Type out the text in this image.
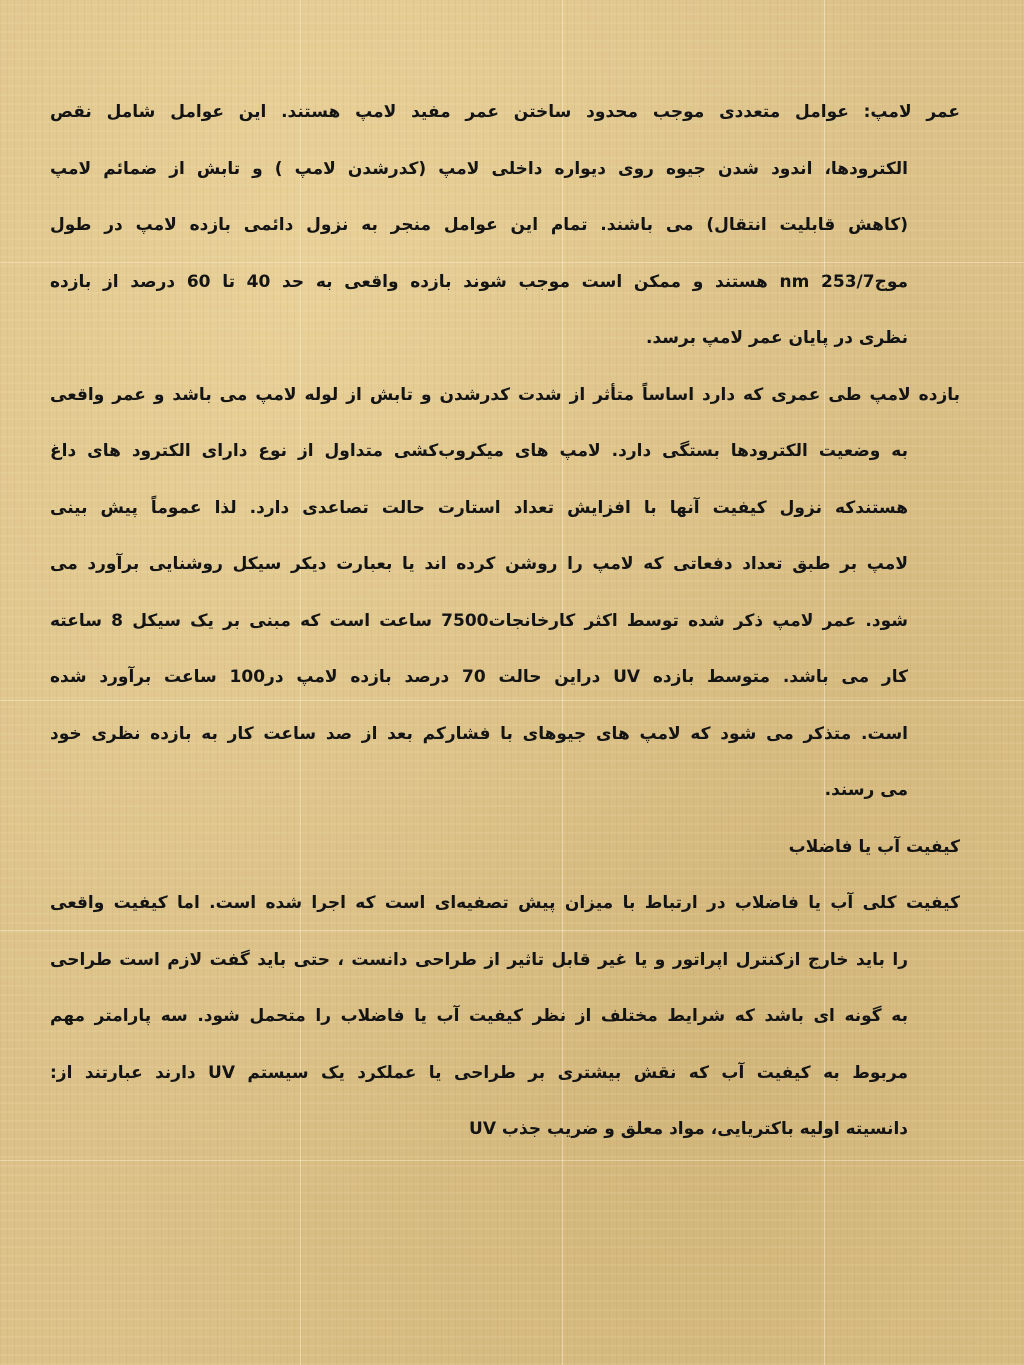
عمر لامپ: عوامل متعددی موجب محدود ساختن عمر مفید لامپ هستند. این عوامل شامل نقص
الکترودها، اندود شدن جیوه روی دیواره داخلی لامپ (کدرشدن لامپ ) و تابش از ضمائم لامپ
(کاهش قابلیت انتقال) می باشند. تمام این عوامل منجر به نزول دائمی بازده لامپ در طول
موج253/7 nm هستند و ممکن است موجب شوند بازده واقعی به حد 40 تا 60 درصد از بازده
نظری در پایان عمر لامپ برسد.

بازده لامپ طی عمری که دارد اساساً متأثر از شدت کدرشدن و تابش از لوله لامپ می باشد و عمر واقعی
به وضعیت الکترودها بستگی دارد. لامپ های میکروب‌کشی متداول از نوع دارای الکترود های داغ
هستندکه نزول کیفیت آنها با افزایش تعداد استارت حالت تصاعدی دارد. لذا عموماً پیش بینی
لامپ بر طبق تعداد دفعاتی که لامپ را روشن کرده اند یا بعبارت دیکر سیکل روشنایی برآورد می
شود. عمر لامپ ذکر شده توسط اکثر کارخانجات7500 ساعت است که مبنی بر یک سیکل 8 ساعته
کار می باشد. متوسط بازده UV دراین حالت 70 درصد بازده لامپ در100 ساعت برآورد شده
است. متذکر می شود که لامپ های جیوهای با فشارکم بعد از صد ساعت کار به بازده نظری خود
می رسند.

کیفیت آب یا فاضلاب

کیفیت کلی آب یا فاضلاب در ارتباط با میزان پیش تصفیه‌ای است که اجرا شده است. اما کیفیت واقعی
را باید خارج ازکنترل اپراتور و یا غیر قابل تاثیر از طراحی دانست ، حتی باید گفت لازم است طراحی
به گونه ای باشد که شرایط مختلف از نظر کیفیت آب یا فاضلاب را متحمل شود. سه پارامتر مهم
مربوط به کیفیت آب که نقش بیشتری بر طراحی یا عملکرد یک سیستم UV دارند عبارتند از:
دانسیته اولیه باکتریایی، مواد معلق و ضریب جذب UV
